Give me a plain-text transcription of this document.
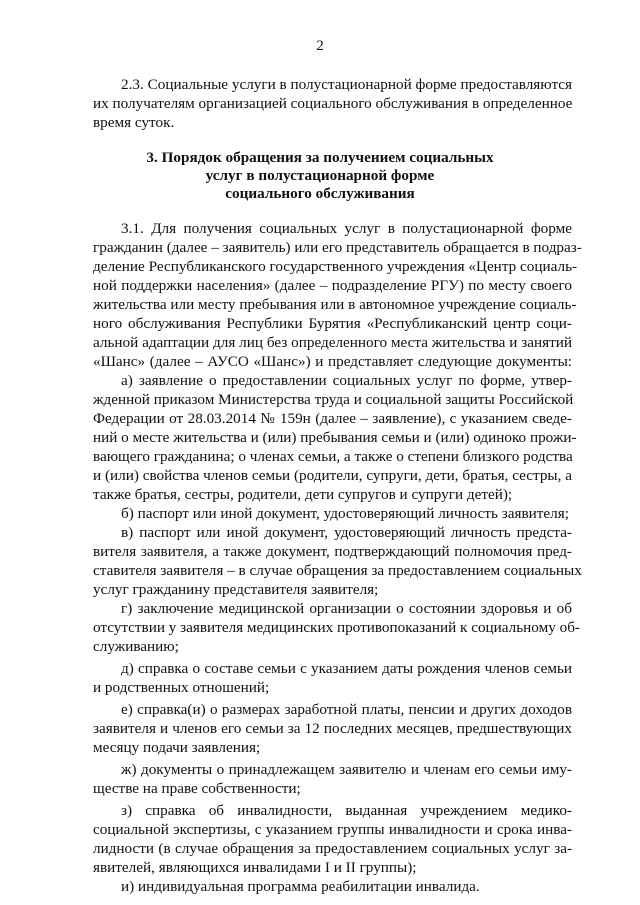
2
2.3. Социальные услуги в полустационарной форме предоставляются
их получателям организацией социального обслуживания в определенное
время суток.
3. Порядок обращения за получением социальных
услуг в полустационарной форме
социального обслуживания
3.1. Для получения социальных услуг в полустационарной форме
гражданин (далее – заявитель) или его представитель обращается в подраз-
деление Республиканского государственного учреждения «Центр социаль-
ной поддержки населения» (далее – подразделение РГУ) по месту своего
жительства или месту пребывания или в автономное учреждение социаль-
ного обслуживания Республики Бурятия «Республиканский центр соци-
альной адаптации для лиц без определенного места жительства и занятий
«Шанс» (далее – АУСО «Шанс») и представляет следующие документы:
а) заявление о предоставлении социальных услуг по форме, утвер-
жденной приказом Министерства труда и социальной защиты Российской
Федерации от 28.03.2014 № 159н (далее – заявление), с указанием сведе-
ний о месте жительства и (или) пребывания семьи и (или) одиноко прожи-
вающего гражданина; о членах семьи, а также о степени близкого родства
и (или) свойства членов семьи (родители, супруги, дети, братья, сестры, а
также братья, сестры, родители, дети супругов и супруги детей);
б) паспорт или иной документ, удостоверяющий личность заявителя;
в) паспорт или иной документ, удостоверяющий личность предста-
вителя заявителя, а также документ, подтверждающий полномочия пред-
ставителя заявителя – в случае обращения за предоставлением социальных
услуг гражданину представителя заявителя;
г) заключение медицинской организации о состоянии здоровья и об
отсутствии у заявителя медицинских противопоказаний к социальному об-
служиванию;
д) справка о составе семьи с указанием даты рождения членов семьи
и родственных отношений;
е) справка(и) о размерах заработной платы, пенсии и других доходов
заявителя и членов его семьи за 12 последних месяцев, предшествующих
месяцу подачи заявления;
ж) документы о принадлежащем заявителю и членам его семьи иму-
ществе на праве собственности;
з) справка об инвалидности, выданная учреждением медико-
социальной экспертизы, с указанием группы инвалидности и срока инва-
лидности (в случае обращения за предоставлением социальных услуг за-
явителей, являющихся инвалидами I и II группы);
и) индивидуальная программа реабилитации инвалида.
